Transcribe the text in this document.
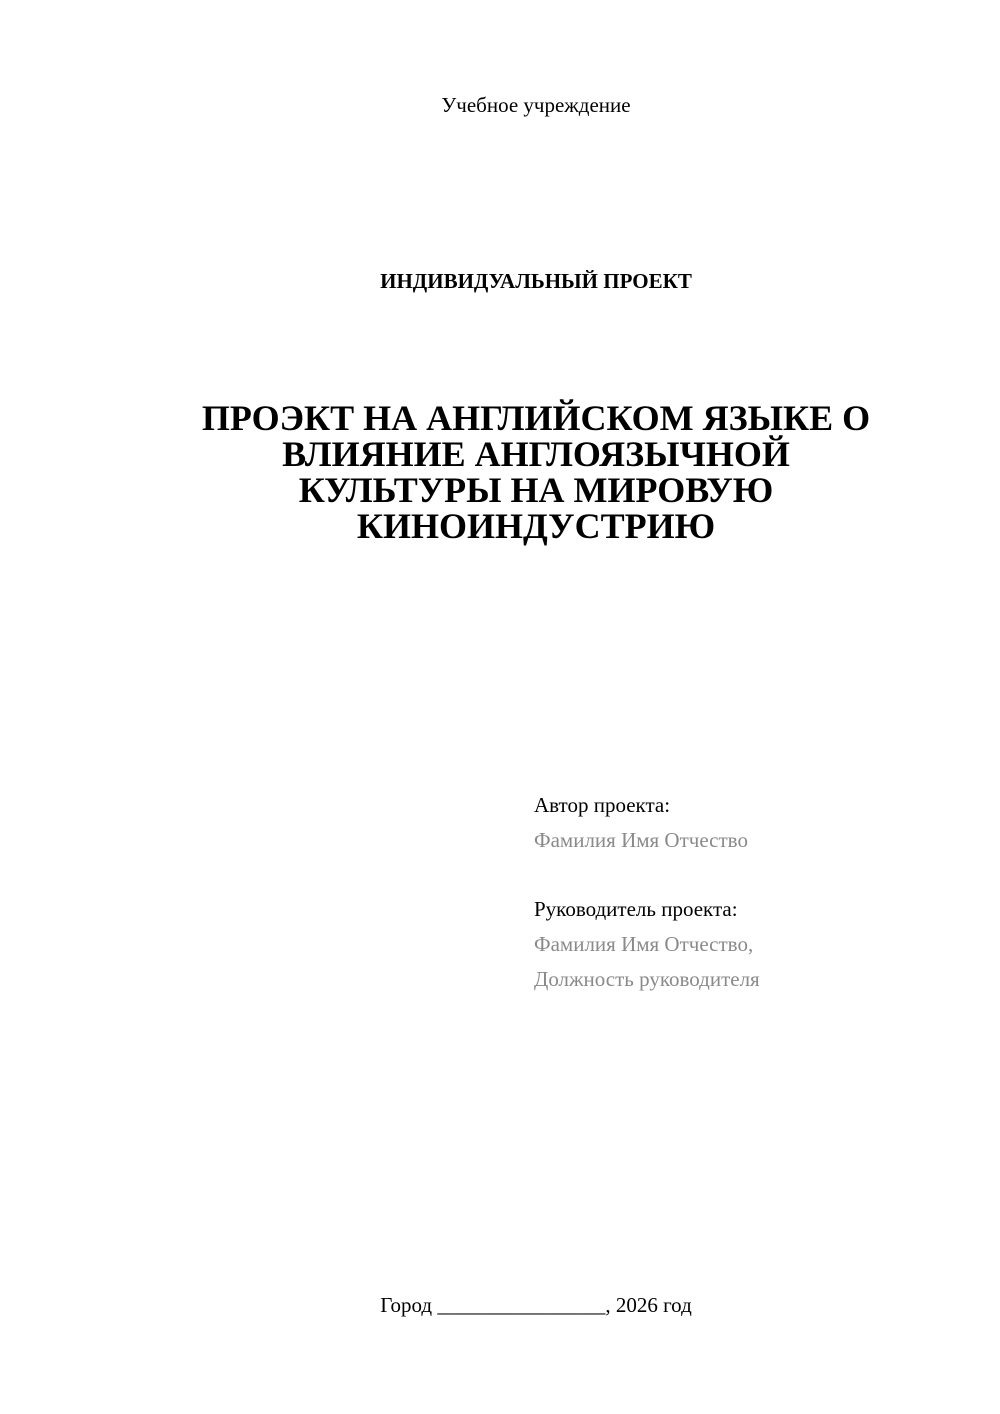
Учебное учреждение
ИНДИВИДУАЛЬНЫЙ ПРОЕКТ
ПРОЭКТ НА АНГЛИЙСКОМ ЯЗЫКЕ О
ВЛИЯНИЕ АНГЛОЯЗЫЧНОЙ
КУЛЬТУРЫ НА МИРОВУЮ
КИНОИНДУСТРИЮ
Автор проекта:
Фамилия Имя Отчество
Руководитель проекта:
Фамилия Имя Отчество,
Должность руководителя
Город ________________, 2026 год
